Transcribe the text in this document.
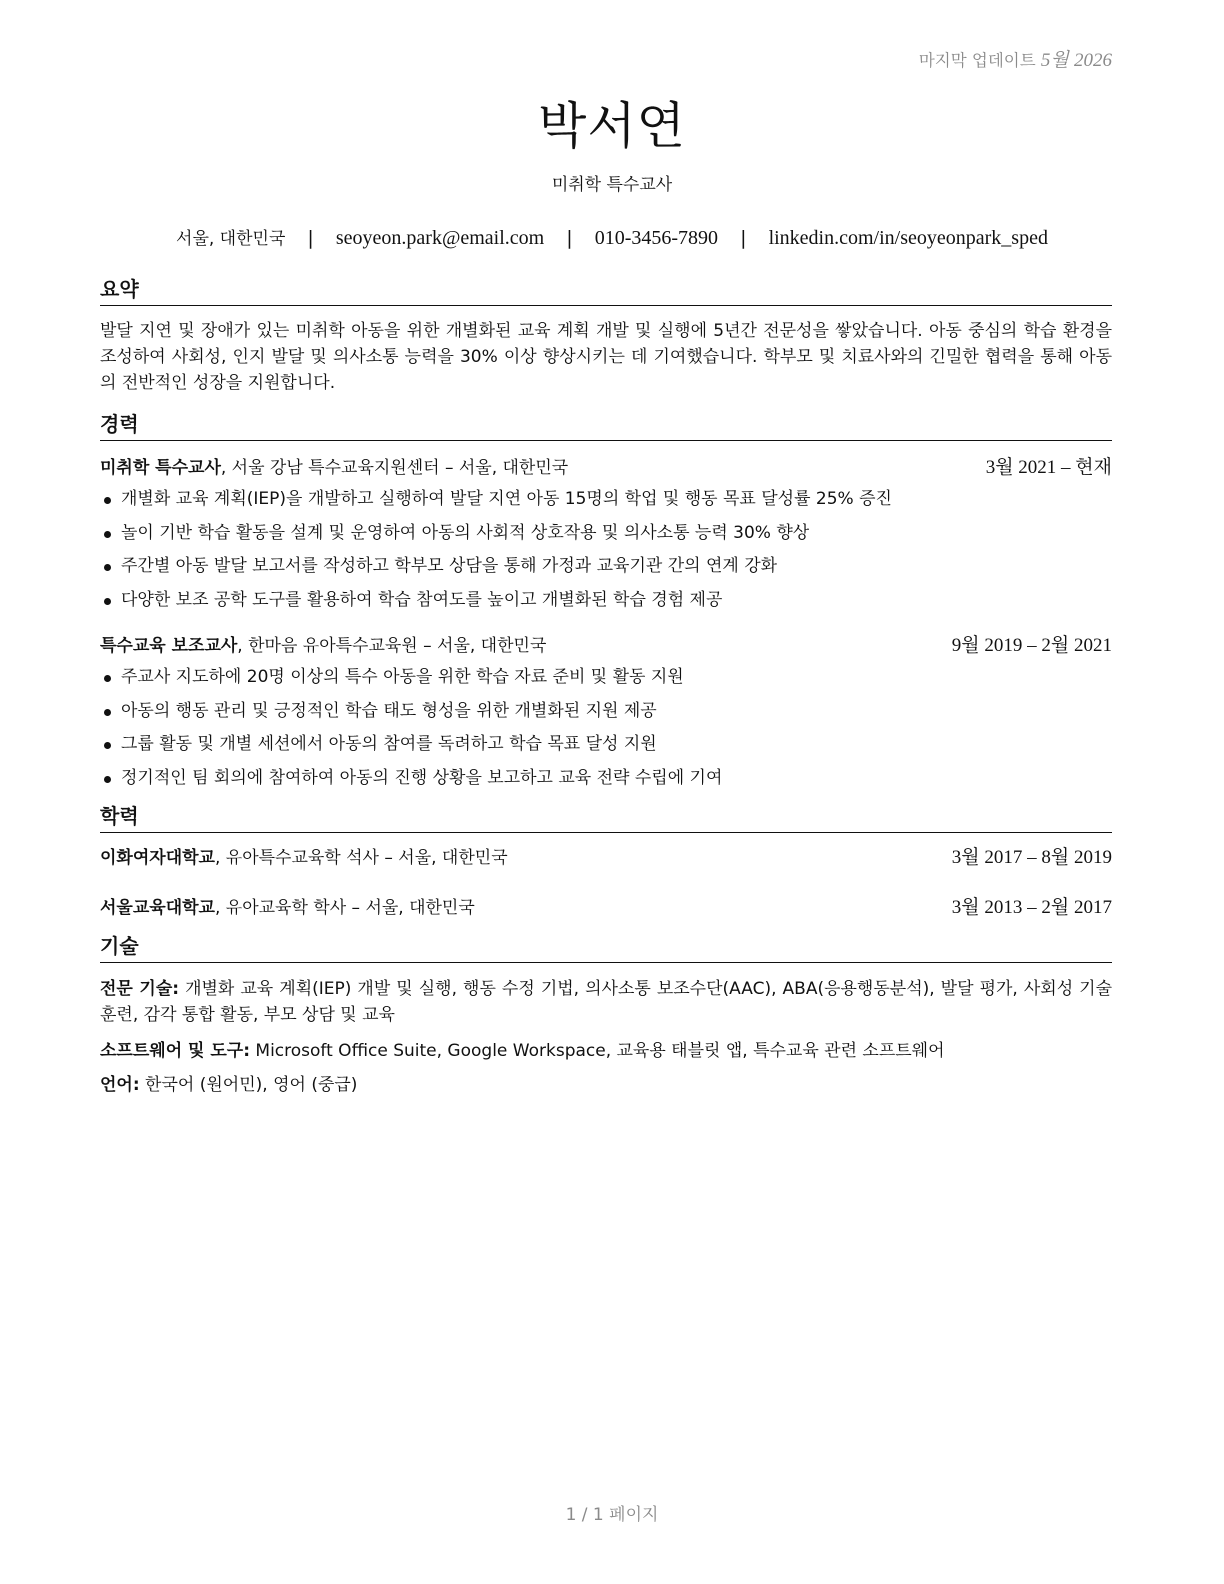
마지막 업데이트 5월 2026
박서연
미취학 특수교사
서울, 대한민국 | seoyeon.park@email.com | 010-3456-7890 | linkedin.com/in/seoyeonpark_sped
요약

발달 지연 및 장애가 있는 미취학 아동을 위한 개별화된 교육 계획 개발 및 실행에 5년간 전문성을 쌓았습니다. 아동 중심의 학습 환경을 조성하여 사회성, 인지 발달 및 의사소통 능력을 30% 이상 향상시키는 데 기여했습니다. 학부모 및 치료사와의 긴밀한 협력을 통해 아동의 전반적인 성장을 지원합니다.

경력
미취학 특수교사, 서울 강남 특수교육지원센터 – 서울, 대한민국	3월 2021 – 현재
개별화 교육 계획(IEP)을 개발하고 실행하여 발달 지연 아동 15명의 학업 및 행동 목표 달성률 25% 증진
놀이 기반 학습 활동을 설계 및 운영하여 아동의 사회적 상호작용 및 의사소통 능력 30% 향상
주간별 아동 발달 보고서를 작성하고 학부모 상담을 통해 가정과 교육기관 간의 연계 강화
다양한 보조 공학 도구를 활용하여 학습 참여도를 높이고 개별화된 학습 경험 제공
특수교육 보조교사, 한마음 유아특수교육원 – 서울, 대한민국	9월 2019 – 2월 2021
주교사 지도하에 20명 이상의 특수 아동을 위한 학습 자료 준비 및 활동 지원
아동의 행동 관리 및 긍정적인 학습 태도 형성을 위한 개별화된 지원 제공
그룹 활동 및 개별 세션에서 아동의 참여를 독려하고 학습 목표 달성 지원
정기적인 팀 회의에 참여하여 아동의 진행 상황을 보고하고 교육 전략 수립에 기여
학력
이화여자대학교, 유아특수교육학 석사 – 서울, 대한민국	3월 2017 – 8월 2019
서울교육대학교, 유아교육학 학사 – 서울, 대한민국	3월 2013 – 2월 2017
기술

전문 기술: 개별화 교육 계획(IEP) 개발 및 실행, 행동 수정 기법, 의사소통 보조수단(AAC), ABA(응용행동분석), 발달 평가, 사회성 기술 훈련, 감각 통합 활동, 부모 상담 및 교육

소프트웨어 및 도구: Microsoft Office Suite, Google Workspace, 교육용 태블릿 앱, 특수교육 관련 소프트웨어

언어: 한국어 (원어민), 영어 (중급)

1 / 1 페이지
